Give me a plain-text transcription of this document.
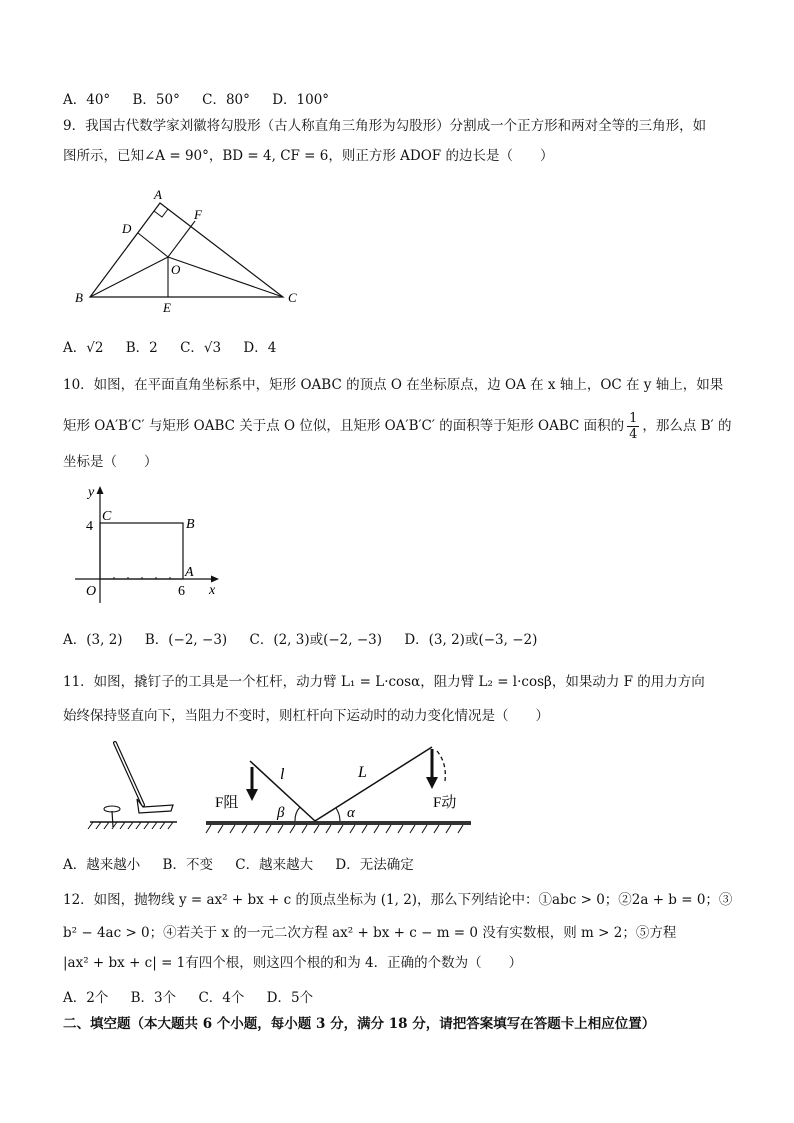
A．40° B．50° C．80° D．100°
9．我国古代数学家刘徽将勾股形（古人称直角三角形为勾股形）分割成一个正方形和两对全等的三角形，如
图所示，已知∠A = 90°，BD = 4, CF = 6，则正方形 ADOF 的边长是（　　）
A
D
F
O
B
E
C
A．√2 B．2 C．√3 D．4
10．如图，在平面直角坐标系中，矩形 OABC 的顶点 O 在坐标原点，边 OA 在 x 轴上，OC 在 y 轴上，如果
矩形 OA′B′C′ 与矩形 OABC 关于点 O 位似，且矩形 OA′B′C′ 的面积等于矩形 OABC 面积的 $\frac{1}{4}$ ，那么点 B′ 的
坐标是（　　）
y
x
C
B
O
A
4
6
A．(3, 2) B．(−2, −3) C．(2, 3)或(−2, −3) D．(3, 2)或(−3, −2)
11．如图，撬钉子的工具是一个杠杆，动力臂 L₁ = L·cosα，阻力臂 L₂ = l·cosβ，如果动力 F 的用力方向
始终保持竖直向下，当阻力不变时，则杠杆向下运动时的动力变化情况是（　　）
F阻	F动
l	L
β	α
A．越来越小 B．不变 C．越来越大 D．无法确定
12．如图，抛物线 y = ax² + bx + c 的顶点坐标为 (1, 2)，那么下列结论中：①abc > 0；②2a + b = 0；③
b² − 4ac > 0；④若关于 x 的一元二次方程 ax² + bx + c − m = 0 没有实数根，则 m > 2；⑤方程
|ax² + bx + c| = 1有四个根，则这四个根的和为 4．正确的个数为（　　）
A．2个 B．3个 C．4个 D．5个
二、填空题（本大题共 6 个小题，每小题 3 分，满分 18 分，请把答案填写在答题卡上相应位置）
